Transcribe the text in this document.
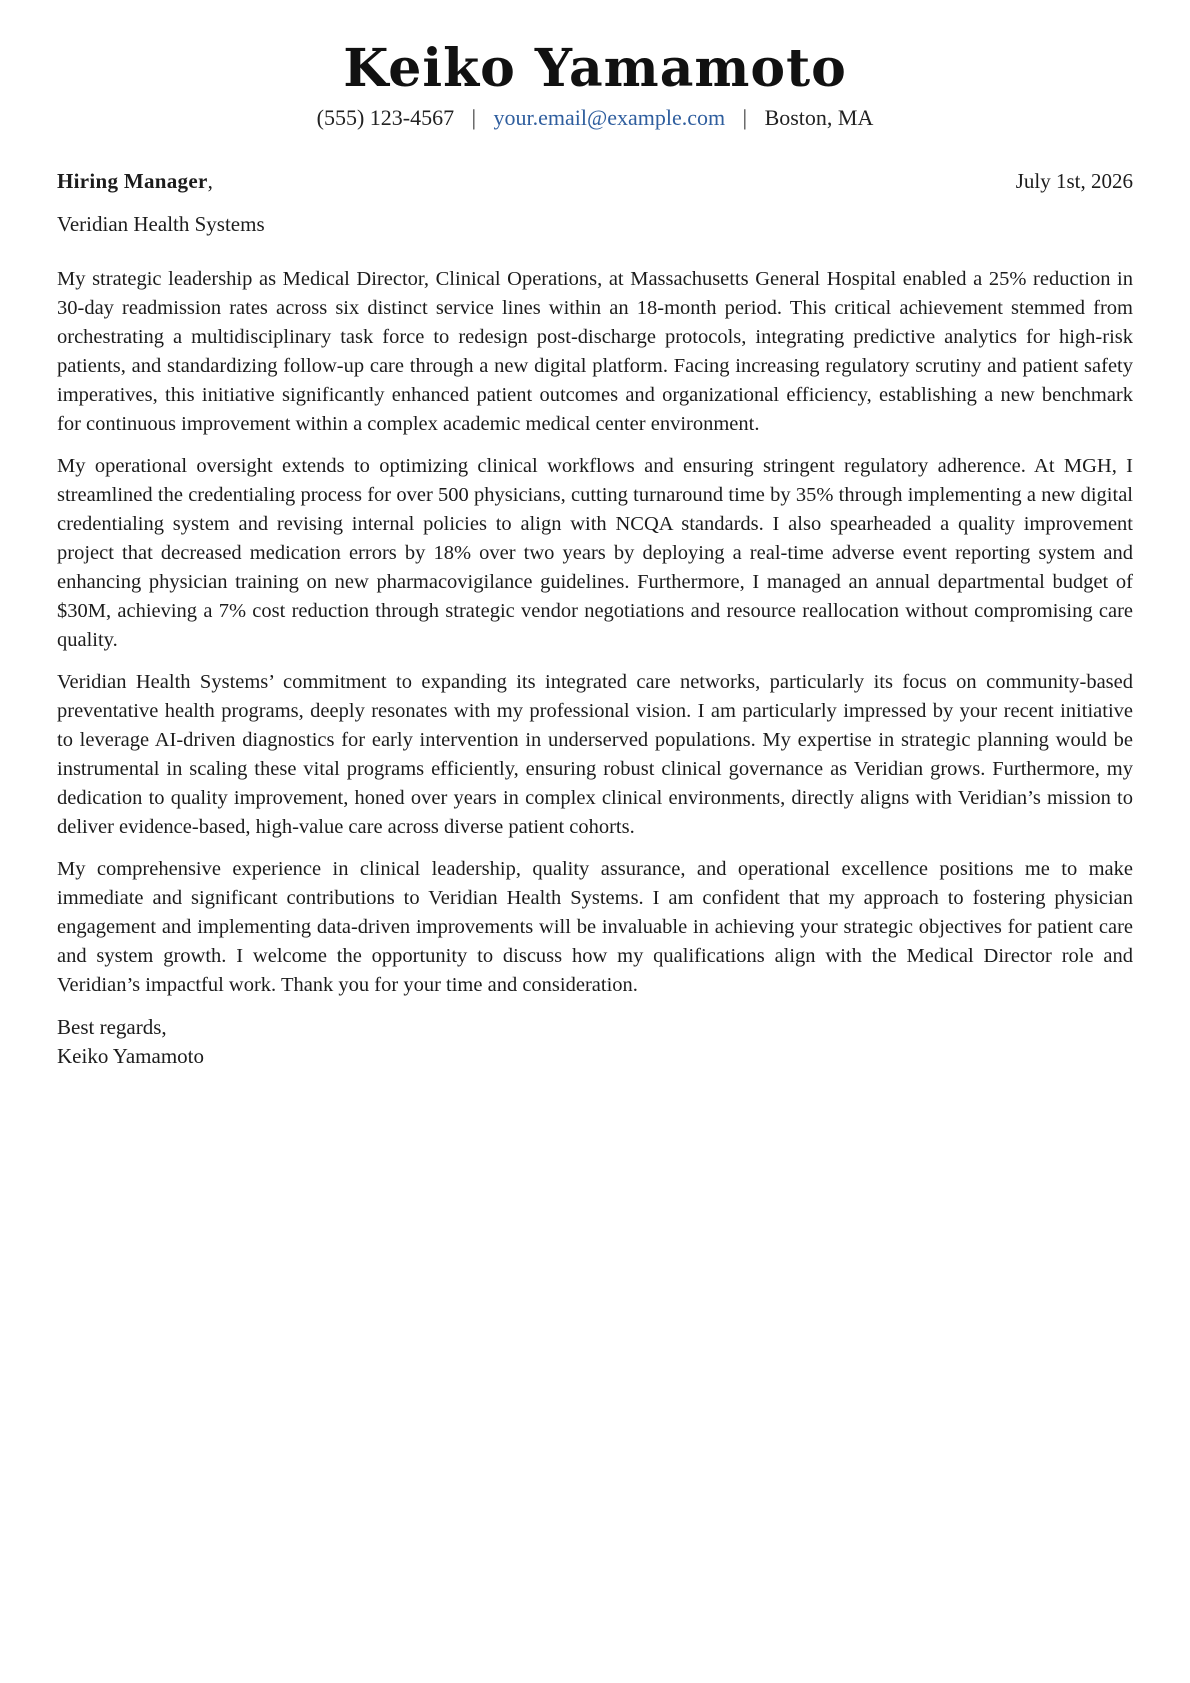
Keiko Yamamoto
(555) 123-4567 | your.email@example.com | Boston, MA
Hiring Manager,	July 1st, 2026
Veridian Health Systems

My strategic leadership as Medical Director, Clinical Operations, at Massachusetts General Hospital enabled a 25% reduction in 30-day readmission rates across six distinct service lines within an 18-month period. This critical achievement stemmed from orchestrating a multidisciplinary task force to redesign post-discharge protocols, integrating predictive analytics for high-risk patients, and standardizing follow-up care through a new digital platform. Facing increasing regulatory scrutiny and patient safety imperatives, this initiative significantly enhanced patient outcomes and organizational efficiency, establishing a new benchmark for continuous improvement within a complex academic medical center environment.

My operational oversight extends to optimizing clinical workflows and ensuring stringent regulatory adherence. At MGH, I streamlined the credentialing process for over 500 physicians, cutting turnaround time by 35% through implementing a new digital credentialing system and revising internal policies to align with NCQA standards. I also spearheaded a quality improvement project that decreased medication errors by 18% over two years by deploying a real-time adverse event reporting system and enhancing physician training on new pharmacovigilance guidelines. Furthermore, I managed an annual departmental budget of $30M, achieving a 7% cost reduction through strategic vendor negotiations and resource reallocation without compromising care quality.

Veridian Health Systems’ commitment to expanding its integrated care networks, particularly its focus on community-based preventative health programs, deeply resonates with my professional vision. I am particularly impressed by your recent initiative to leverage AI-driven diagnostics for early intervention in underserved populations. My expertise in strategic planning would be instrumental in scaling these vital programs efficiently, ensuring robust clinical governance as Veridian grows. Furthermore, my dedication to quality improvement, honed over years in complex clinical environments, directly aligns with Veridian’s mission to deliver evidence-based, high-value care across diverse patient cohorts.

My comprehensive experience in clinical leadership, quality assurance, and operational excellence positions me to make immediate and significant contributions to Veridian Health Systems. I am confident that my approach to fostering physician engagement and implementing data-driven improvements will be invaluable in achieving your strategic objectives for patient care and system growth. I welcome the opportunity to discuss how my qualifications align with the Medical Director role and Veridian’s impactful work. Thank you for your time and consideration.

Best regards,
Keiko Yamamoto
